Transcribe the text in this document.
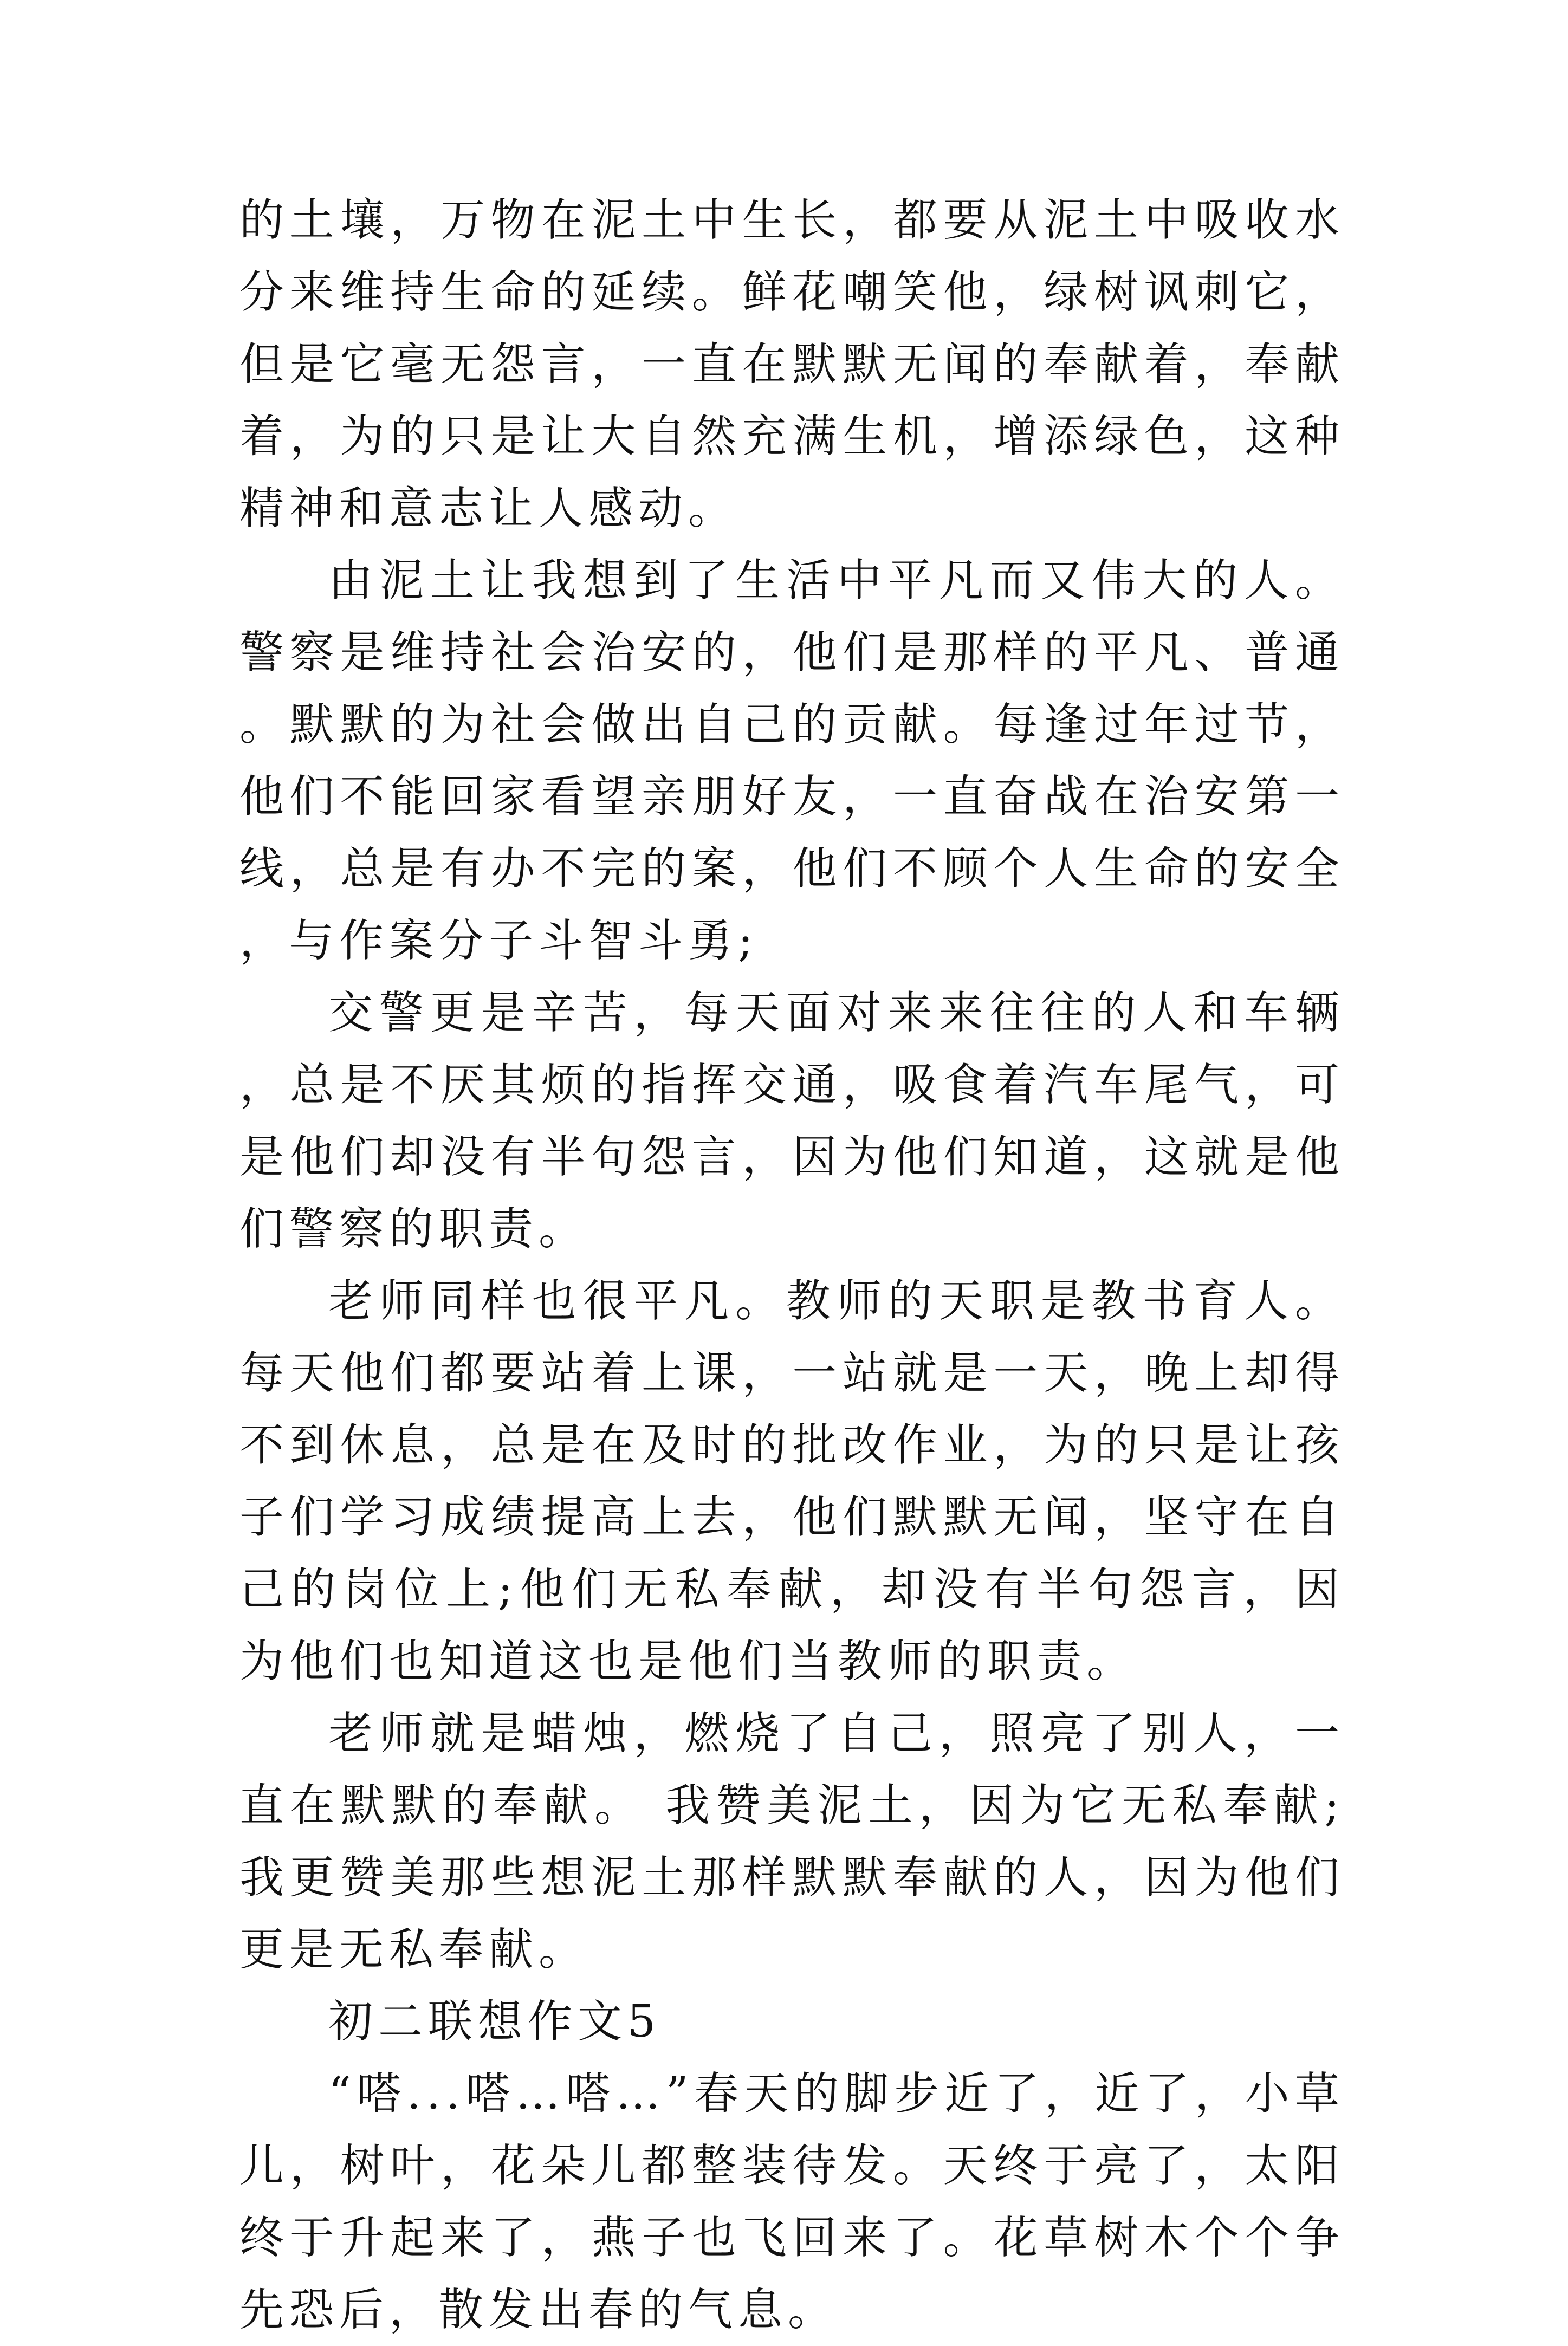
的土壤，万物在泥土中生长，都要从泥土中吸收水分来维持生命的延续。鲜花嘲笑他，绿树讽刺它，但是它毫无怨言，一直在默默无闻的奉献着，奉献着，为的只是让大自然充满生机，增添绿色，这种精神和意志让人感动。

由泥土让我想到了生活中平凡而又伟大的人。警察是维持社会治安的，他们是那样的平凡、普通。默默的为社会做出自己的贡献。每逢过年过节，他们不能回家看望亲朋好友，一直奋战在治安第一线，总是有办不完的案，他们不顾个人生命的安全，与作案分子斗智斗勇;

交警更是辛苦，每天面对来来往往的人和车辆，总是不厌其烦的指挥交通，吸食着汽车尾气，可是他们却没有半句怨言，因为他们知道，这就是他们警察的职责。

老师同样也很平凡。教师的天职是教书育人。每天他们都要站着上课，一站就是一天，晚上却得不到休息，总是在及时的批改作业，为的只是让孩子们学习成绩提高上去，他们默默无闻，坚守在自己的岗位上;他们无私奉献，却没有半句怨言，因为他们也知道这也是他们当教师的职责。

老师就是蜡烛，燃烧了自己，照亮了别人，一直在默默的奉献。 我赞美泥土，因为它无私奉献;我更赞美那些想泥土那样默默奉献的人，因为他们更是无私奉献。

初二联想作文5

“嗒...嗒…嗒…”春天的脚步近了，近了，小草儿，树叶，花朵儿都整装待发。天终于亮了，太阳终于升起来了，燕子也飞回来了。花草树木个个争先恐后，散发出春的气息。
